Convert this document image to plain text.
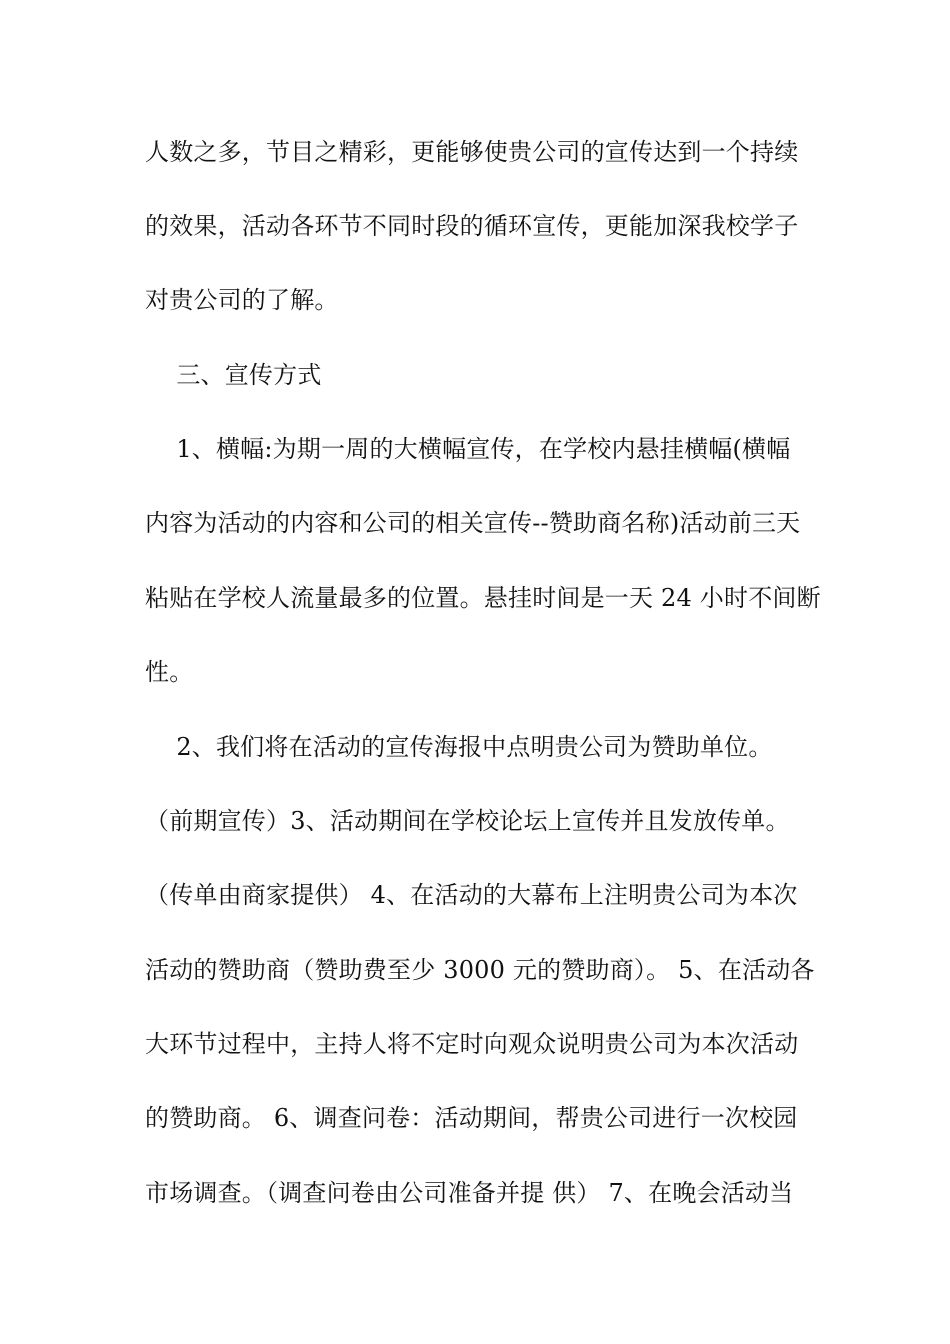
人数之多，节目之精彩，更能够使贵公司的宣传达到一个持续
的效果，活动各环节不同时段的循环宣传，更能加深我校学子
对贵公司的了解。
三、宣传方式
1、横幅:为期一周的大横幅宣传，在学校内悬挂横幅(横幅
内容为活动的内容和公司的相关宣传--赞助商名称)活动前三天
粘贴在学校人流量最多的位置。悬挂时间是一天 24 小时不间断
性。
2、我们将在活动的宣传海报中点明贵公司为赞助单位。
（前期宣传）3、活动期间在学校论坛上宣传并且发放传单。
（传单由商家提供） 4、在活动的大幕布上注明贵公司为本次
活动的赞助商（赞助费至少 3000 元的赞助商）。 5、在活动各
大环节过程中，主持人将不定时向观众说明贵公司为本次活动
的赞助商。 6、调查问卷：活动期间，帮贵公司进行一次校园
市场调查。（调查问卷由公司准备并提 供） 7、在晚会活动当
